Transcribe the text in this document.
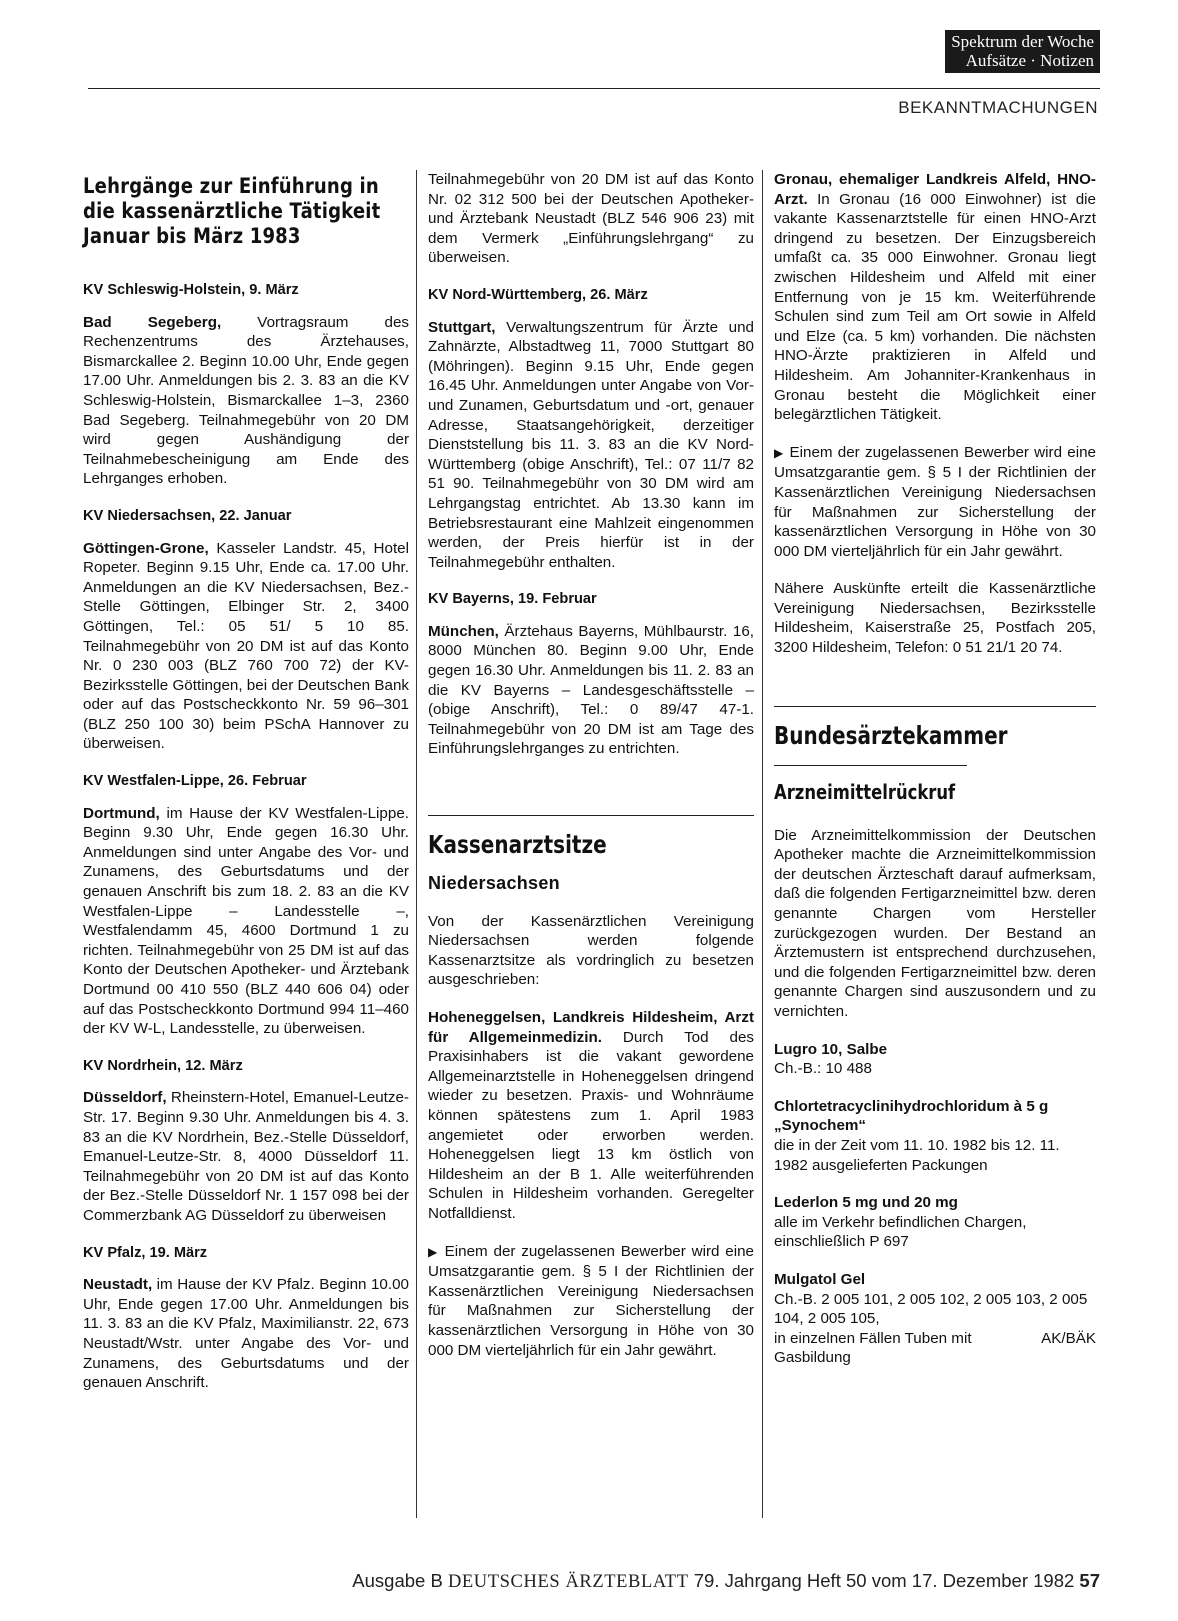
Spektrum der Woche
Aufsätze · Notizen
BEKANNTMACHUNGEN
Lehrgänge zur Einführung in die kassenärztliche Tätigkeit Januar bis März 1983
KV Schleswig-Holstein, 9. März

Bad Segeberg, Vortragsraum des Rechenzentrums des Ärztehauses, Bismarckallee 2. Beginn 10.00 Uhr, Ende gegen 17.00 Uhr. Anmeldungen bis 2. 3. 83 an die KV Schleswig-Holstein, Bismarckallee 1–3, 2360 Bad Segeberg. Teilnahmegebühr von 20 DM wird gegen Aushändigung der Teilnahmebescheinigung am Ende des Lehrganges erhoben.

KV Niedersachsen, 22. Januar

Göttingen-Grone, Kasseler Landstr. 45, Hotel Ropeter. Beginn 9.15 Uhr, Ende ca. 17.00 Uhr. Anmeldungen an die KV Niedersachsen, Bez.-Stelle Göttingen, Elbinger Str. 2, 3400 Göttingen, Tel.: 05 51/ 5 10 85. Teilnahmegebühr von 20 DM ist auf das Konto Nr. 0 230 003 (BLZ 760 700 72) der KV-Bezirksstelle Göttingen, bei der Deutschen Bank oder auf das Postscheckkonto Nr. 59 96–301 (BLZ 250 100 30) beim PSchA Hannover zu überweisen.

KV Westfalen-Lippe, 26. Februar

Dortmund, im Hause der KV Westfalen-Lippe. Beginn 9.30 Uhr, Ende gegen 16.30 Uhr. Anmeldungen sind unter Angabe des Vor- und Zunamens, des Geburtsdatums und der genauen Anschrift bis zum 18. 2. 83 an die KV Westfalen-Lippe – Landesstelle –, Westfalendamm 45, 4600 Dortmund 1 zu richten. Teilnahmegebühr von 25 DM ist auf das Konto der Deutschen Apotheker- und Ärztebank Dortmund 00 410 550 (BLZ 440 606 04) oder auf das Postscheckkonto Dortmund 994 11–460 der KV W-L, Landesstelle, zu überweisen.

KV Nordrhein, 12. März

Düsseldorf, Rheinstern-Hotel, Emanuel-Leutze-Str. 17. Beginn 9.30 Uhr. Anmeldungen bis 4. 3. 83 an die KV Nordrhein, Bez.-Stelle Düsseldorf, Emanuel-Leutze-Str. 8, 4000 Düsseldorf 11. Teilnahmegebühr von 20 DM ist auf das Konto der Bez.-Stelle Düsseldorf Nr. 1 157 098 bei der Commerzbank AG Düsseldorf zu überweisen

KV Pfalz, 19. März

Neustadt, im Hause der KV Pfalz. Beginn 10.00 Uhr, Ende gegen 17.00 Uhr. Anmeldungen bis 11. 3. 83 an die KV Pfalz, Maximilianstr. 22, 673 Neustadt/Wstr. unter Angabe des Vor- und Zunamens, des Geburtsdatums und der genauen Anschrift.

Teilnahmegebühr von 20 DM ist auf das Konto Nr. 02 312 500 bei der Deutschen Apotheker- und Ärztebank Neustadt (BLZ 546 906 23) mit dem Vermerk „Einführungslehrgang“ zu überweisen.

KV Nord-Württemberg, 26. März

Stuttgart, Verwaltungszentrum für Ärzte und Zahnärzte, Albstadtweg 11, 7000 Stuttgart 80 (Möhringen). Beginn 9.15 Uhr, Ende gegen 16.45 Uhr. Anmeldungen unter Angabe von Vor- und Zunamen, Geburtsdatum und -ort, genauer Adresse, Staatsangehörigkeit, derzeitiger Dienststellung bis 11. 3. 83 an die KV Nord-Württemberg (obige Anschrift), Tel.: 07 11/7 82 51 90. Teilnahmegebühr von 30 DM wird am Lehrgangstag entrichtet. Ab 13.30 kann im Betriebsrestaurant eine Mahlzeit eingenommen werden, der Preis hierfür ist in der Teilnahmegebühr enthalten.

KV Bayerns, 19. Februar

München, Ärztehaus Bayerns, Mühlbaurstr. 16, 8000 München 80. Beginn 9.00 Uhr, Ende gegen 16.30 Uhr. Anmeldungen bis 11. 2. 83 an die KV Bayerns – Landesgeschäftsstelle – (obige Anschrift), Tel.: 0 89/47 47-1. Teilnahmegebühr von 20 DM ist am Tage des Einführungslehrganges zu entrichten.

Kassenarztsitze
Niedersachsen

Von der Kassenärztlichen Vereinigung Niedersachsen werden folgende Kassenarztsitze als vordringlich zu besetzen ausgeschrieben:

Hoheneggelsen, Landkreis Hildesheim, Arzt für Allgemeinmedizin. Durch Tod des Praxisinhabers ist die vakant gewordene Allgemeinarztstelle in Hoheneggelsen dringend wieder zu besetzen. Praxis- und Wohnräume können spätestens zum 1. April 1983 angemietet oder erworben werden. Hoheneggelsen liegt 13 km östlich von Hildesheim an der B 1. Alle weiterführenden Schulen in Hildesheim vorhanden. Geregelter Notfalldienst.

▶ Einem der zugelassenen Bewerber wird eine Umsatzgarantie gem. § 5 I der Richtlinien der Kassenärztlichen Vereinigung Niedersachsen für Maßnahmen zur Sicherstellung der kassenärztlichen Versorgung in Höhe von 30 000 DM vierteljährlich für ein Jahr gewährt.

Gronau, ehemaliger Landkreis Alfeld, HNO-Arzt. In Gronau (16 000 Einwohner) ist die vakante Kassenarztstelle für einen HNO-Arzt dringend zu besetzen. Der Einzugsbereich umfaßt ca. 35 000 Einwohner. Gronau liegt zwischen Hildesheim und Alfeld mit einer Entfernung von je 15 km. Weiterführende Schulen sind zum Teil am Ort sowie in Alfeld und Elze (ca. 5 km) vorhanden. Die nächsten HNO-Ärzte praktizieren in Alfeld und Hildesheim. Am Johanniter-Krankenhaus in Gronau besteht die Möglichkeit einer belegärztlichen Tätigkeit.

▶ Einem der zugelassenen Bewerber wird eine Umsatzgarantie gem. § 5 I der Richtlinien der Kassenärztlichen Vereinigung Niedersachsen für Maßnahmen zur Sicherstellung der kassenärztlichen Versorgung in Höhe von 30 000 DM vierteljährlich für ein Jahr gewährt.

Nähere Auskünfte erteilt die Kassenärztliche Vereinigung Niedersachsen, Bezirksstelle Hildesheim, Kaiserstraße 25, Postfach 205, 3200 Hildesheim, Telefon: 0 51 21/1 20 74.

Bundesärztekammer
Arzneimittelrückruf

Die Arzneimittelkommission der Deutschen Apotheker machte die Arzneimittelkommission der deutschen Ärzteschaft darauf aufmerksam, daß die folgenden Fertigarzneimittel bzw. deren genannte Chargen vom Hersteller zurückgezogen wurden. Der Bestand an Ärztemustern ist entsprechend durchzusehen, und die folgenden Fertigarzneimittel bzw. deren genannte Chargen sind auszusondern und zu vernichten.

Lugro 10, Salbe
Ch.-B.: 10 488
Chlortetracyclinihydrochloridum à 5 g „Synochem“
die in der Zeit vom 11. 10. 1982 bis 12. 11. 1982 ausgelieferten Packungen
Lederlon 5 mg und 20 mg
alle im Verkehr befindlichen Chargen, einschließlich P 697
Mulgatol Gel
Ch.-B. 2 005 101, 2 005 102, 2 005 103, 2 005 104, 2 005 105,
in einzelnen Fällen Tuben mit Gasbildung
AK/BÄK
Ausgabe B DEUTSCHES ÄRZTEBLATT 79. Jahrgang Heft 50 vom 17. Dezember 1982 57
